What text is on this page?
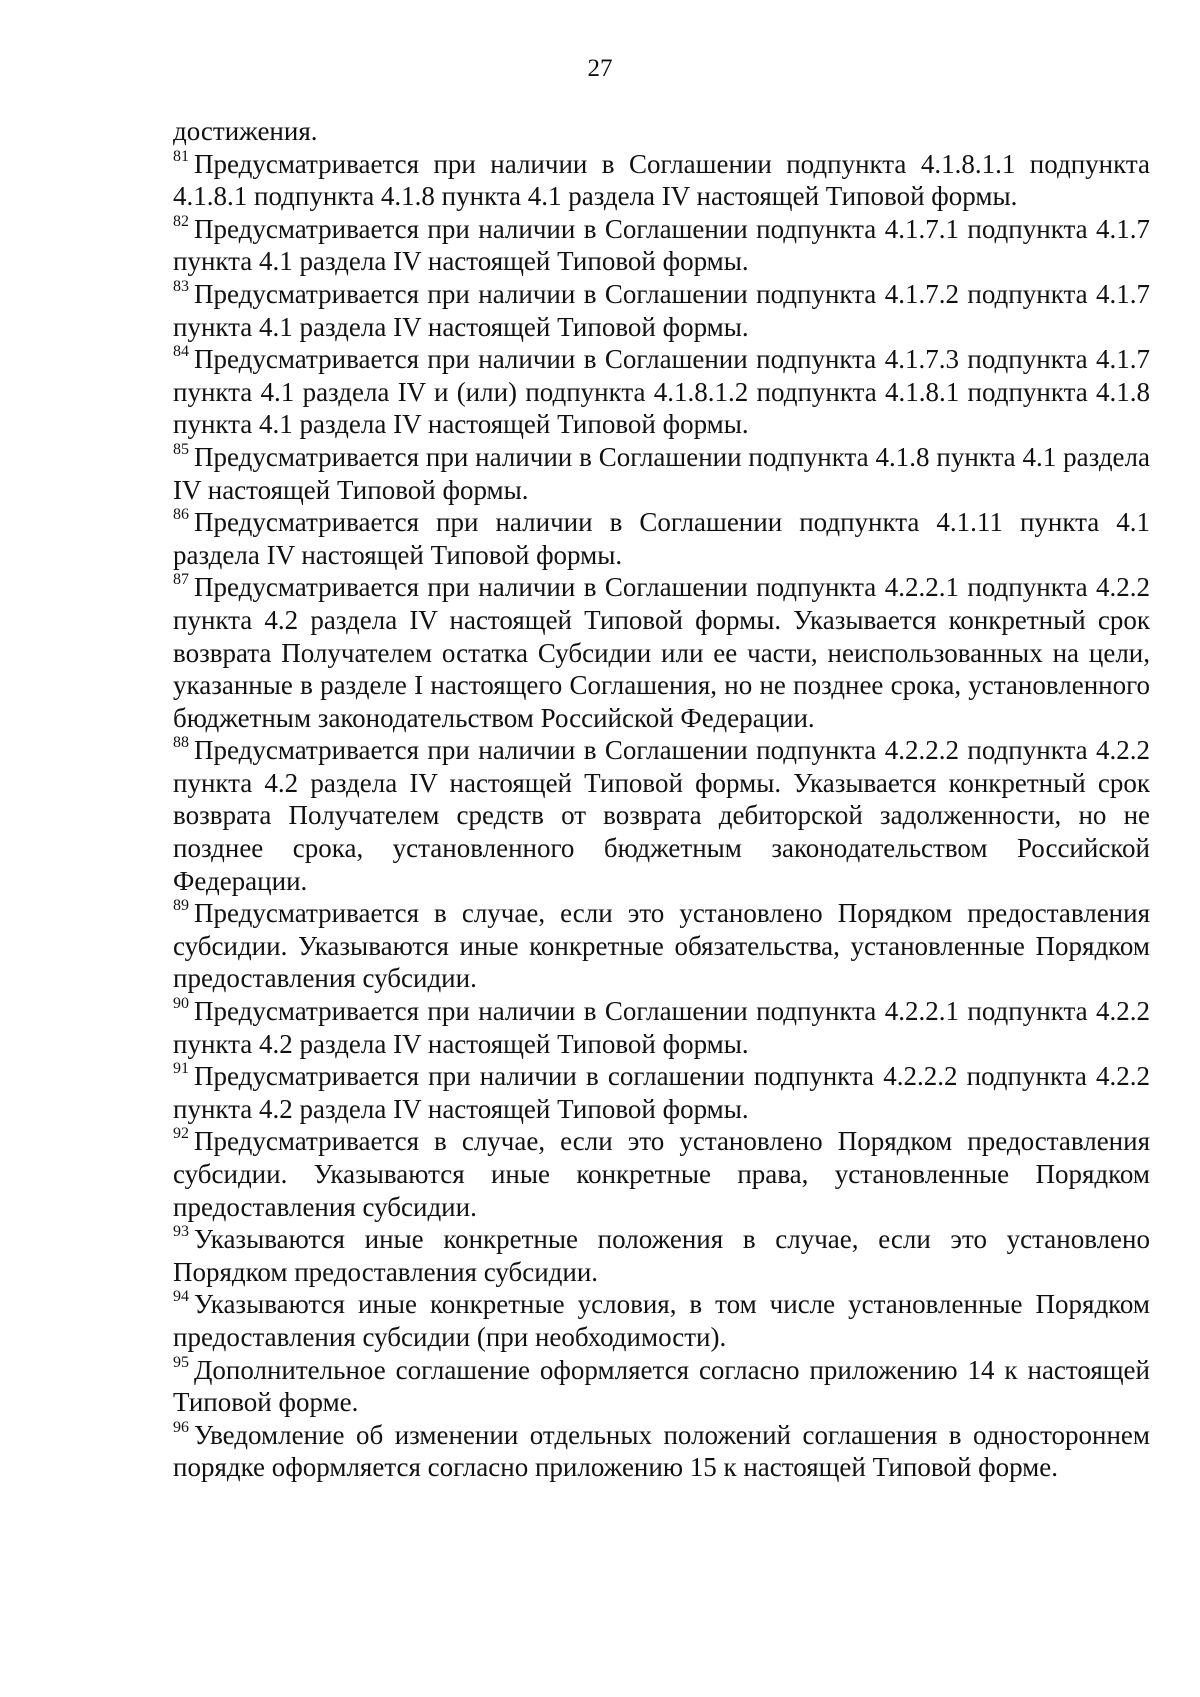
27

достижения.

$^{81}$ Предусматривается при наличии в Соглашении подпункта 4.1.8.1.1 подпункта 4.1.8.1 подпункта 4.1.8 пункта 4.1 раздела IV настоящей Типовой формы.

$^{82}$ Предусматривается при наличии в Соглашении подпункта 4.1.7.1 подпункта 4.1.7 пункта 4.1 раздела IV настоящей Типовой формы.

$^{83}$ Предусматривается при наличии в Соглашении подпункта 4.1.7.2 подпункта 4.1.7 пункта 4.1 раздела IV настоящей Типовой формы.

$^{84}$ Предусматривается при наличии в Соглашении подпункта 4.1.7.3 подпункта 4.1.7 пункта 4.1 раздела IV и (или) подпункта 4.1.8.1.2 подпункта 4.1.8.1 подпункта 4.1.8 пункта 4.1 раздела IV настоящей Типовой формы.

$^{85}$ Предусматривается при наличии в Соглашении подпункта 4.1.8 пункта 4.1 раздела IV настоящей Типовой формы.

$^{86}$ Предусматривается при наличии в Соглашении подпункта 4.1.11 пункта 4.1 раздела IV настоящей Типовой формы.

$^{87}$ Предусматривается при наличии в Соглашении подпункта 4.2.2.1 подпункта 4.2.2 пункта 4.2 раздела IV настоящей Типовой формы. Указывается конкретный срок возврата Получателем остатка Субсидии или ее части, неиспользованных на цели, указанные в разделе I настоящего Соглашения, но не позднее срока, установленного бюджетным законодательством Российской Федерации.

$^{88}$ Предусматривается при наличии в Соглашении подпункта 4.2.2.2 подпункта 4.2.2 пункта 4.2 раздела IV настоящей Типовой формы. Указывается конкретный срок возврата Получателем средств от возврата дебиторской задолженности, но не позднее срока, установленного бюджетным законодательством Российской Федерации.

$^{89}$ Предусматривается в случае, если это установлено Порядком предоставления субсидии. Указываются иные конкретные обязательства, установленные Порядком предоставления субсидии.

$^{90}$ Предусматривается при наличии в Соглашении подпункта 4.2.2.1 подпункта 4.2.2 пункта 4.2 раздела IV настоящей Типовой формы.

$^{91}$ Предусматривается при наличии в соглашении подпункта 4.2.2.2 подпункта 4.2.2 пункта 4.2 раздела IV настоящей Типовой формы.

$^{92}$ Предусматривается в случае, если это установлено Порядком предоставления субсидии. Указываются иные конкретные права, установленные Порядком предоставления субсидии.

$^{93}$ Указываются иные конкретные положения в случае, если это установлено Порядком предоставления субсидии.

$^{94}$ Указываются иные конкретные условия, в том числе установленные Порядком предоставления субсидии (при необходимости).

$^{95}$ Дополнительное соглашение оформляется согласно приложению 14 к настоящей Типовой форме.

$^{96}$ Уведомление об изменении отдельных положений соглашения в одностороннем порядке оформляется согласно приложению 15 к настоящей Типовой форме.
